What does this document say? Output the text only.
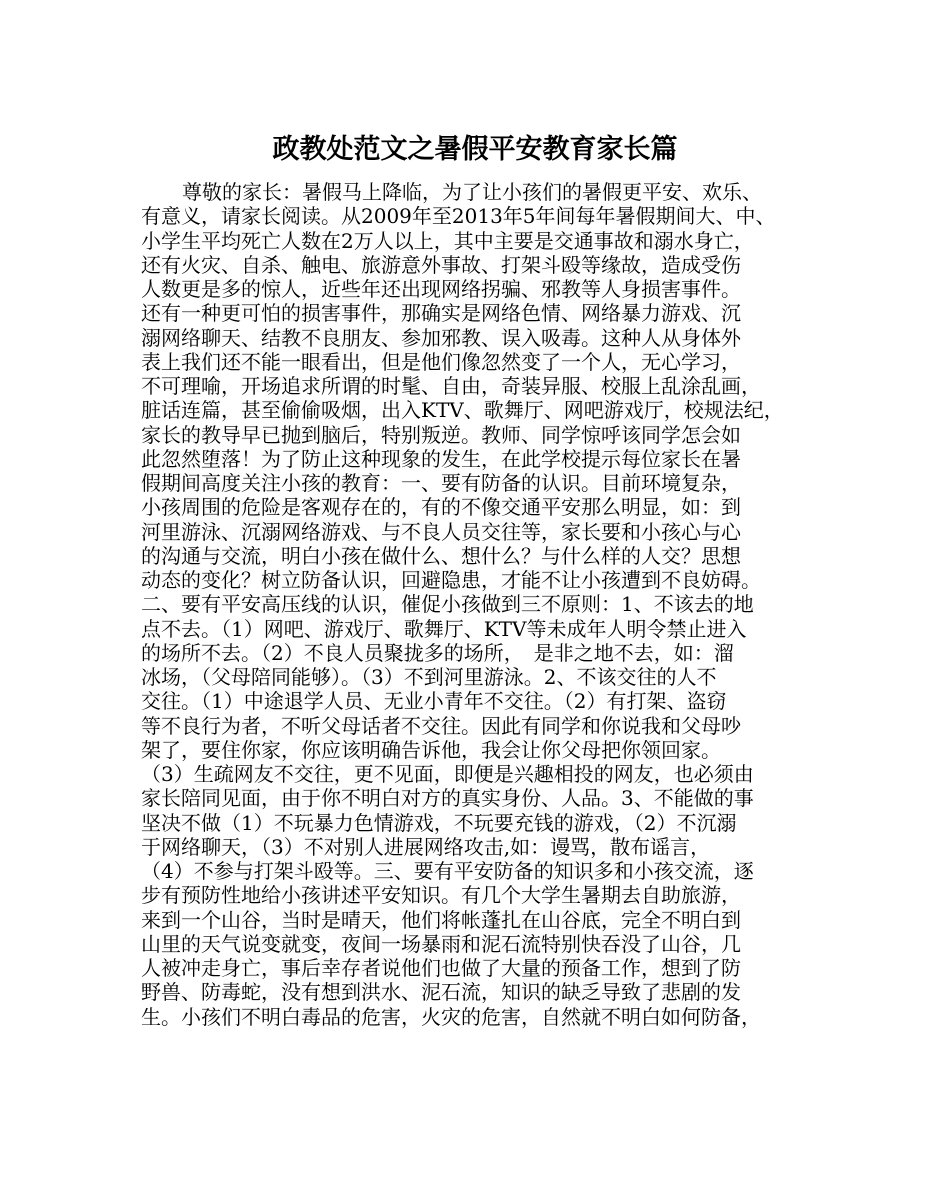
政教处范文之暑假平安教育家长篇
尊敬的家长：暑假马上降临，为了让小孩们的暑假更平安、欢乐、
有意义，请家长阅读。从2009年至2013年5年间每年暑假期间大、中、
小学生平均死亡人数在2万人以上，其中主要是交通事故和溺水身亡，
还有火灾、自杀、触电、旅游意外事故、打架斗殴等缘故，造成受伤
人数更是多的惊人，近些年还出现网络拐骗、邪教等人身损害事件。
还有一种更可怕的损害事件，那确实是网络色情、网络暴力游戏、沉
溺网络聊天、结教不良朋友、参加邪教、误入吸毒。这种人从身体外
表上我们还不能一眼看出，但是他们像忽然变了一个人，无心学习，
不可理喻，开场追求所谓的时髦、自由，奇装异服、校服上乱涂乱画，
脏话连篇，甚至偷偷吸烟，出入KTV、歌舞厅、网吧游戏厅，校规法纪，
家长的教导早已抛到脑后，特别叛逆。教师、同学惊呼该同学怎会如
此忽然堕落！为了防止这种现象的发生，在此学校提示每位家长在暑
假期间高度关注小孩的教育：一、要有防备的认识。目前环境复杂，
小孩周围的危险是客观存在的，有的不像交通平安那么明显，如：到
河里游泳、沉溺网络游戏、与不良人员交往等，家长要和小孩心与心
的沟通与交流，明白小孩在做什么、想什么？与什么样的人交？思想
动态的变化？树立防备认识，回避隐患，才能不让小孩遭到不良妨碍。
二、要有平安高压线的认识，催促小孩做到三不原则：1、不该去的地
点不去。（1）网吧、游戏厅、歌舞厅、KTV等未成年人明令禁止进入
的场所不去。（2）不良人员聚拢多的场所，　是非之地不去，如：溜
冰场，（父母陪同能够）。（3）不到河里游泳。2、不该交往的人不
交往。（1）中途退学人员、无业小青年不交往。（2）有打架、盗窃
等不良行为者，不听父母话者不交往。因此有同学和你说我和父母吵
架了，要住你家，你应该明确告诉他，我会让你父母把你领回家。
（3）生疏网友不交往，更不见面，即便是兴趣相投的网友，也必须由
家长陪同见面，由于你不明白对方的真实身份、人品。3、不能做的事
坚决不做（1）不玩暴力色情游戏，不玩要充钱的游戏，（2）不沉溺
于网络聊天，（3）不对别人进展网络攻击,如：谩骂，散布谣言，
（4）不参与打架斗殴等。三、要有平安防备的知识多和小孩交流，逐
步有预防性地给小孩讲述平安知识。有几个大学生暑期去自助旅游，
来到一个山谷，当时是晴天，他们将帐蓬扎在山谷底，完全不明白到
山里的天气说变就变，夜间一场暴雨和泥石流特别快吞没了山谷，几
人被冲走身亡，事后幸存者说他们也做了大量的预备工作，想到了防
野兽、防毒蛇，没有想到洪水、泥石流，知识的缺乏导致了悲剧的发
生。小孩们不明白毒品的危害，火灾的危害，自然就不明白如何防备，
